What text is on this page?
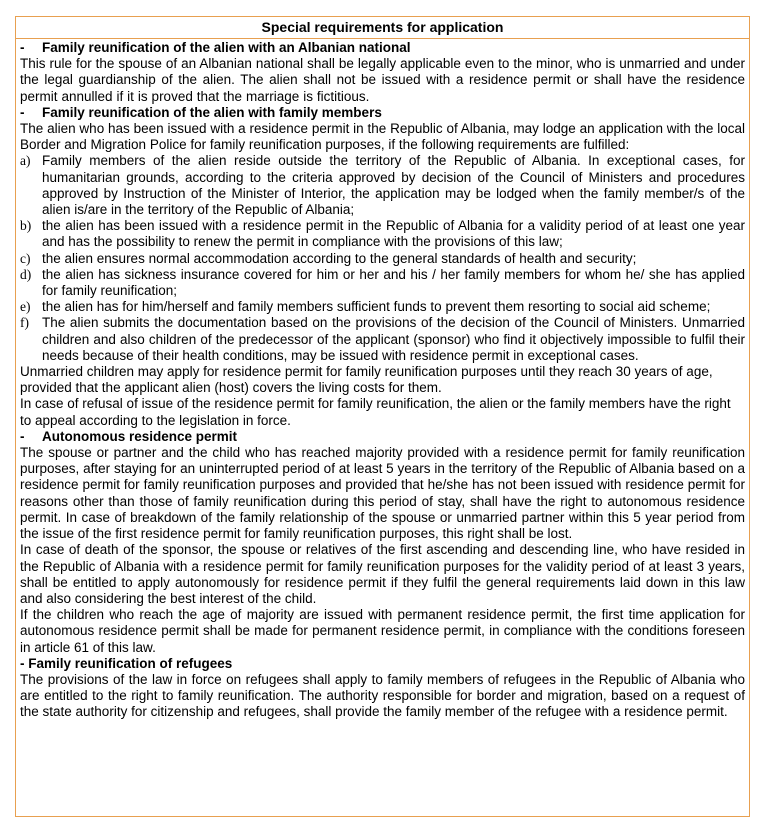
Special requirements for application
-	Family reunification of the alien with an Albanian national

This rule for the spouse of an Albanian national shall be legally applicable even to the minor, who is unmarried and under the legal guardianship of the alien. The alien shall not be issued with a residence permit or shall have the residence permit annulled if it is proved that the marriage is fictitious.

-	Family reunification of the alien with family members

The alien who has been issued with a residence permit in the Republic of Albania, may lodge an application with the local Border and Migration Police for family reunification purposes, if the following requirements are fulfilled:

a) Family members of the alien reside outside the territory of the Republic of Albania. In exceptional cases, for humanitarian grounds, according to the criteria approved by decision of the Council of Ministers and procedures approved by Instruction of the Minister of Interior, the application may be lodged when the family member/s of the alien is/are in the territory of the Republic of Albania;
b) the alien has been issued with a residence permit in the Republic of Albania for a validity period of at least one year and has the possibility to renew the permit in compliance with the provisions of this law;
c) the alien ensures normal accommodation according to the general standards of health and security;
d) the alien has sickness insurance covered for him or her and his / her family members for whom he/ she has applied for family reunification;
e) the alien has for him/herself and family members sufficient funds to prevent them resorting to social aid scheme;
f) The alien submits the documentation based on the provisions of the decision of the Council of Ministers. Unmarried children and also children of the predecessor of the applicant (sponsor) who find it objectively impossible to fulfil their needs because of their health conditions, may be issued with residence permit in exceptional cases.

Unmarried children may apply for residence permit for family reunification purposes until they reach 30 years of age, provided that the applicant alien (host) covers the living costs for them.

In case of refusal of issue of the residence permit for family reunification, the alien or the family members have the right to appeal according to the legislation in force.

-	Autonomous residence permit

The spouse or partner and the child who has reached majority provided with a residence permit for family reunification purposes, after staying for an uninterrupted period of at least 5 years in the territory of the Republic of Albania based on a residence permit for family reunification purposes and provided that he/she has not been issued with residence permit for reasons other than those of family reunification during this period of stay, shall have the right to autonomous residence permit. In case of breakdown of the family relationship of the spouse or unmarried partner within this 5 year period from the issue of the first residence permit for family reunification purposes, this right shall be lost.

In case of death of the sponsor, the spouse or relatives of the first ascending and descending line, who have resided in the Republic of Albania with a residence permit for family reunification purposes for the validity period of at least 3 years, shall be entitled to apply autonomously for residence permit if they fulfil the general requirements laid down in this law and also considering the best interest of the child.

If the children who reach the age of majority are issued with permanent residence permit, the first time application for autonomous residence permit shall be made for permanent residence permit, in compliance with the conditions foreseen in article 61 of this law.

- Family reunification of refugees

The provisions of the law in force on refugees shall apply to family members of refugees in the Republic of Albania who are entitled to the right to family reunification. The authority responsible for border and migration, based on a request of the state authority for citizenship and refugees, shall provide the family member of the refugee with a residence permit.
